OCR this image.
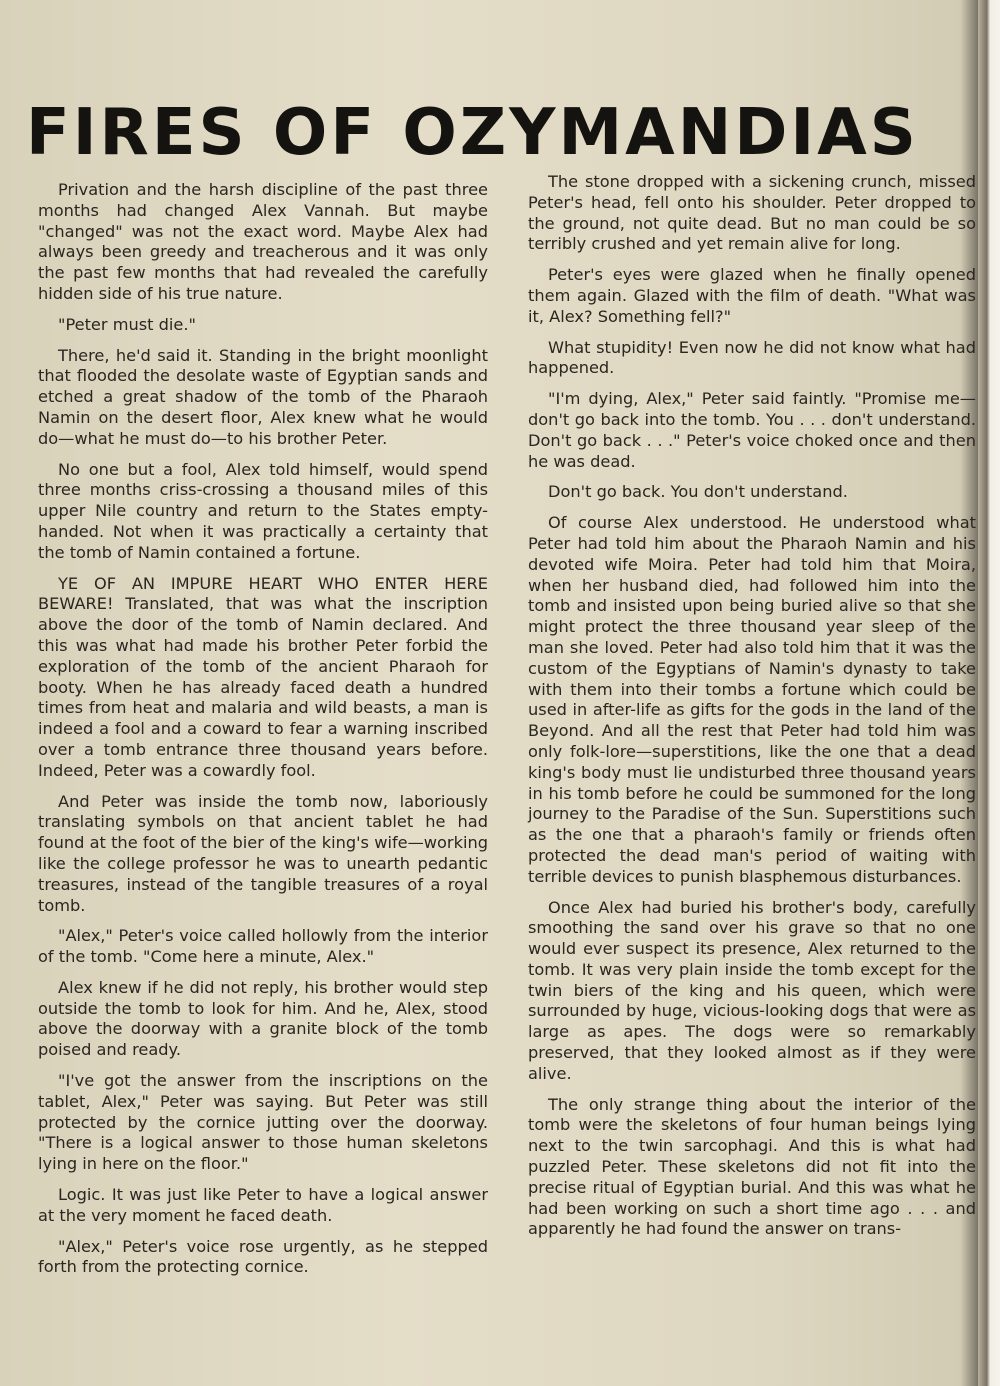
FIRES OF OZYMANDIAS

Privation and the harsh discipline of the past three months had changed Alex Vannah. But maybe "changed" was not the exact word. Maybe Alex had always been greedy and treacherous and it was only the past few months that had revealed the carefully hidden side of his true nature.

"Peter must die."

There, he'd said it. Standing in the bright moonlight that flooded the desolate waste of Egyptian sands and etched a great shadow of the tomb of the Pharaoh Namin on the desert floor, Alex knew what he would do—what he must do—to his brother Peter.

No one but a fool, Alex told himself, would spend three months criss-crossing a thousand miles of this upper Nile country and return to the States empty-handed. Not when it was practically a certainty that the tomb of Namin contained a fortune.

YE OF AN IMPURE HEART WHO ENTER HERE BEWARE! Translated, that was what the inscription above the door of the tomb of Namin declared. And this was what had made his brother Peter forbid the exploration of the tomb of the ancient Pharaoh for booty. When he has already faced death a hundred times from heat and malaria and wild beasts, a man is indeed a fool and a coward to fear a warning inscribed over a tomb entrance three thousand years before. Indeed, Peter was a cowardly fool.

And Peter was inside the tomb now, laboriously translating symbols on that ancient tablet he had found at the foot of the bier of the king's wife—working like the college professor he was to unearth pedantic treasures, instead of the tangible treasures of a royal tomb.

"Alex," Peter's voice called hollowly from the interior of the tomb. "Come here a minute, Alex."

Alex knew if he did not reply, his brother would step outside the tomb to look for him. And he, Alex, stood above the doorway with a granite block of the tomb poised and ready.

"I've got the answer from the inscriptions on the tablet, Alex," Peter was saying. But Peter was still protected by the cornice jutting over the doorway. "There is a logical answer to those human skeletons lying in here on the floor."

Logic. It was just like Peter to have a logical answer at the very moment he faced death.

"Alex," Peter's voice rose urgently, as he stepped forth from the protecting cornice.

The stone dropped with a sickening crunch, missed Peter's head, fell onto his shoulder. Peter dropped to the ground, not quite dead. But no man could be so terribly crushed and yet remain alive for long.

Peter's eyes were glazed when he finally opened them again. Glazed with the film of death. "What was it, Alex? Something fell?"

What stupidity! Even now he did not know what had happened.

"I'm dying, Alex," Peter said faintly. "Promise me—don't go back into the tomb. You . . . don't understand. Don't go back . . ." Peter's voice choked once and then he was dead.

Don't go back. You don't understand.

Of course Alex understood. He understood what Peter had told him about the Pharaoh Namin and his devoted wife Moira. Peter had told him that Moira, when her husband died, had followed him into the tomb and insisted upon being buried alive so that she might protect the three thousand year sleep of the man she loved. Peter had also told him that it was the custom of the Egyptians of Namin's dynasty to take with them into their tombs a fortune which could be used in after-life as gifts for the gods in the land of the Beyond. And all the rest that Peter had told him was only folk-lore—superstitions, like the one that a dead king's body must lie undisturbed three thousand years in his tomb before he could be summoned for the long journey to the Paradise of the Sun. Superstitions such as the one that a pharaoh's family or friends often protected the dead man's period of waiting with terrible devices to punish blasphemous disturbances.

Once Alex had buried his brother's body, carefully smoothing the sand over his grave so that no one would ever suspect its presence, Alex returned to the tomb. It was very plain inside the tomb except for the twin biers of the king and his queen, which were surrounded by huge, vicious-looking dogs that were as large as apes. The dogs were so remarkably preserved, that they looked almost as if they were alive.

The only strange thing about the interior of the tomb were the skeletons of four human beings lying next to the twin sarcophagi. And this is what had puzzled Peter. These skeletons did not fit into the precise ritual of Egyptian burial. And this was what he had been working on such a short time ago . . . and apparently he had found the answer on trans-
